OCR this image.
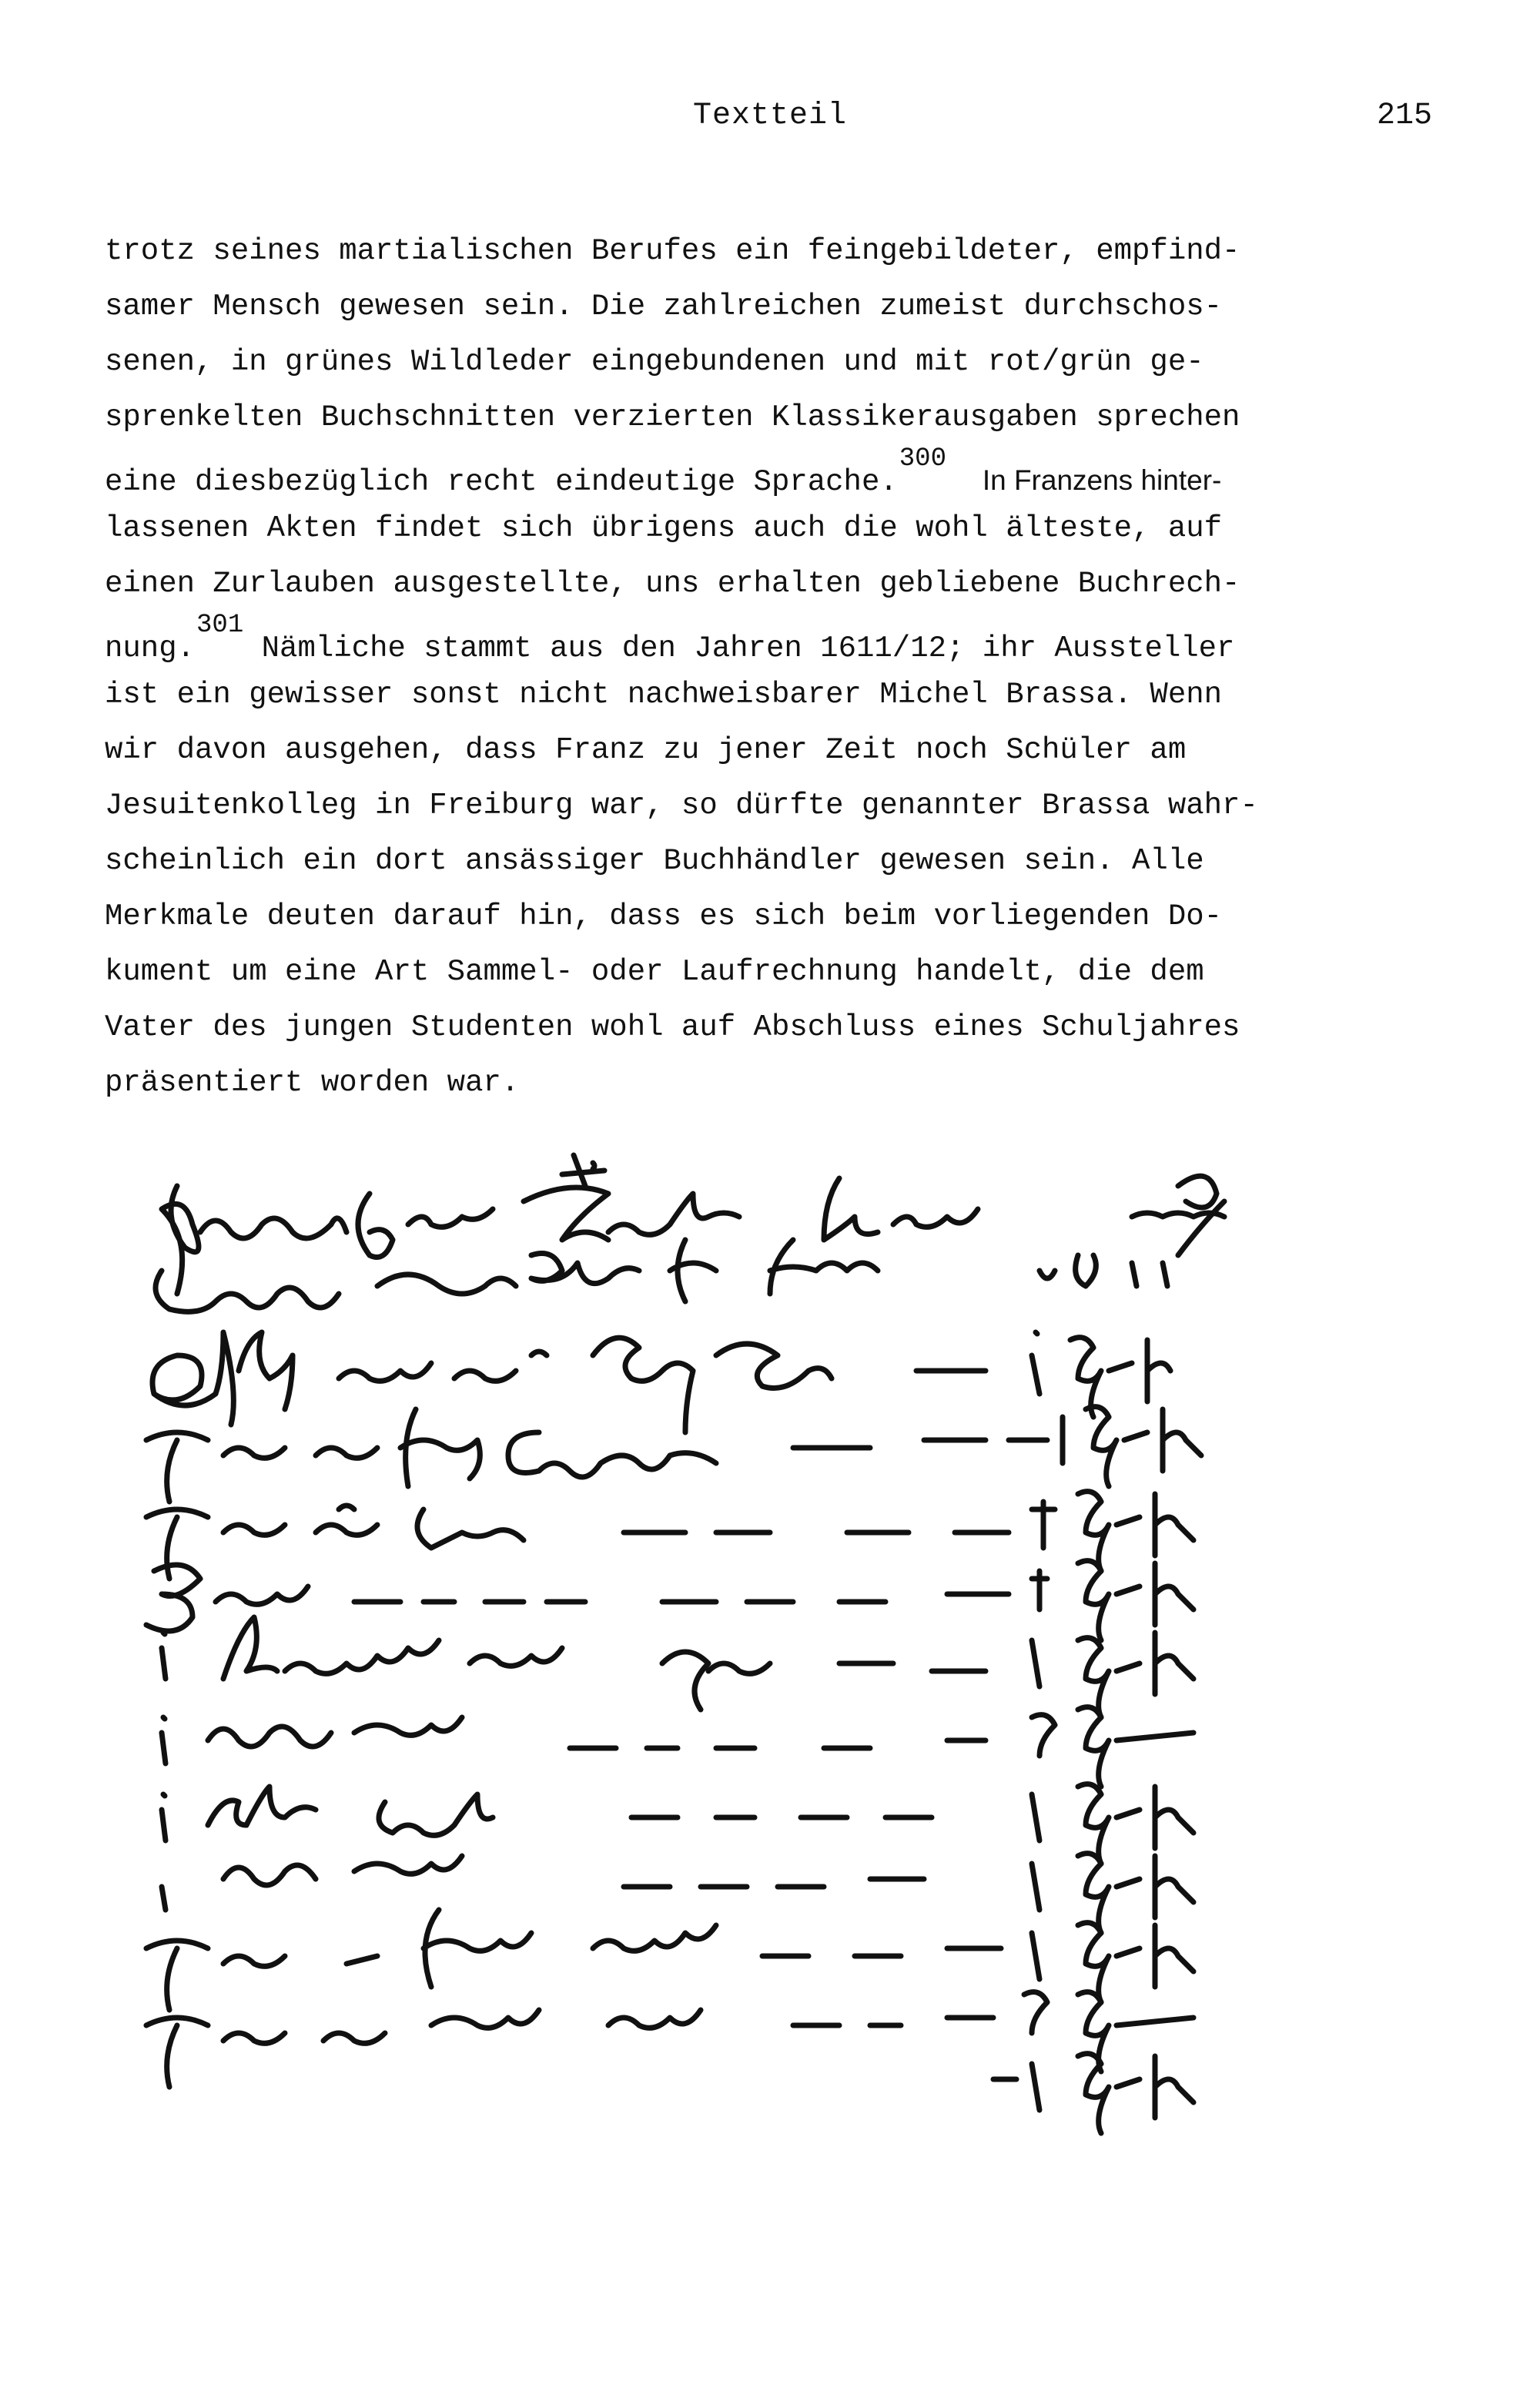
Textteil	215
trotz seines martialischen Berufes ein feingebildeter, empfind-
samer Mensch gewesen sein. Die zahlreichen zumeist durchschos-
senen, in grünes Wildleder eingebundenen und mit rot/grün ge-
sprenkelten Buchschnitten verzierten Klassikerausgaben sprechen
eine diesbezüglich recht eindeutige Sprache.$^{300}$  In Franzens hinter-
lassenen Akten findet sich übrigens auch die wohl älteste, auf
einen Zurlauben ausgestellte, uns erhalten gebliebene Buchrech-
nung.$^{301}$ Nämliche stammt aus den Jahren 1611/12; ihr Aussteller
ist ein gewisser sonst nicht nachweisbarer Michel Brassa. Wenn
wir davon ausgehen, dass Franz zu jener Zeit noch Schüler am
Jesuitenkolleg in Freiburg war, so dürfte genannter Brassa wahr-
scheinlich ein dort ansässiger Buchhändler gewesen sein. Alle
Merkmale deuten darauf hin, dass es sich beim vorliegenden Do-
kument um eine Art Sammel- oder Laufrechnung handelt, die dem
Vater des jungen Studenten wohl auf Abschluss eines Schuljahres
präsentiert worden war.
